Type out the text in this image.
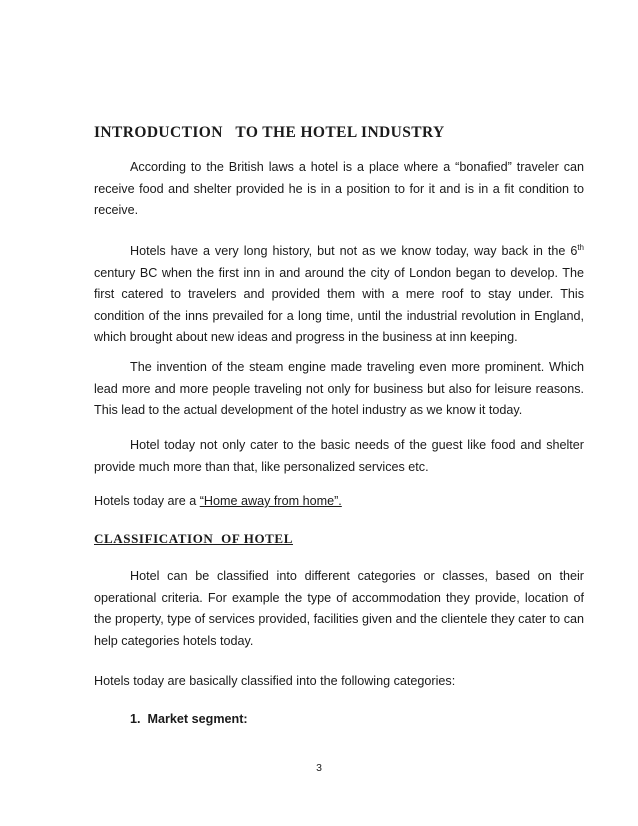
INTRODUCTION   TO THE HOTEL INDUSTRY

According to the British laws a hotel is a place where a “bonafied” traveler can receive food and shelter provided he is in a position to for it and is in a fit condition to receive.

Hotels have a very long history, but not as we know today, way back in the 6th century BC when the first inn in and around the city of London began to develop. The first catered to travelers and provided them with a mere roof to stay under. This condition of the inns prevailed for a long time, until the industrial revolution in England, which brought about new ideas and progress in the business at inn keeping.

The invention of the steam engine made traveling even more prominent. Which lead more and more people traveling not only for business but also for leisure reasons. This lead to the actual development of the hotel industry as we know it today.

Hotel today not only cater to the basic needs of the guest like food and shelter provide much more than that, like personalized services etc.

Hotels today are a “Home away from home”.

CLASSIFICATION  OF HOTEL

Hotel can be classified into different categories or classes, based on their operational criteria. For example the type of accommodation they provide, location of the property, type of services provided, facilities given and the clientele they cater to can help categories hotels today.

Hotels today are basically classified into the following categories:

1. Market segment:

3
